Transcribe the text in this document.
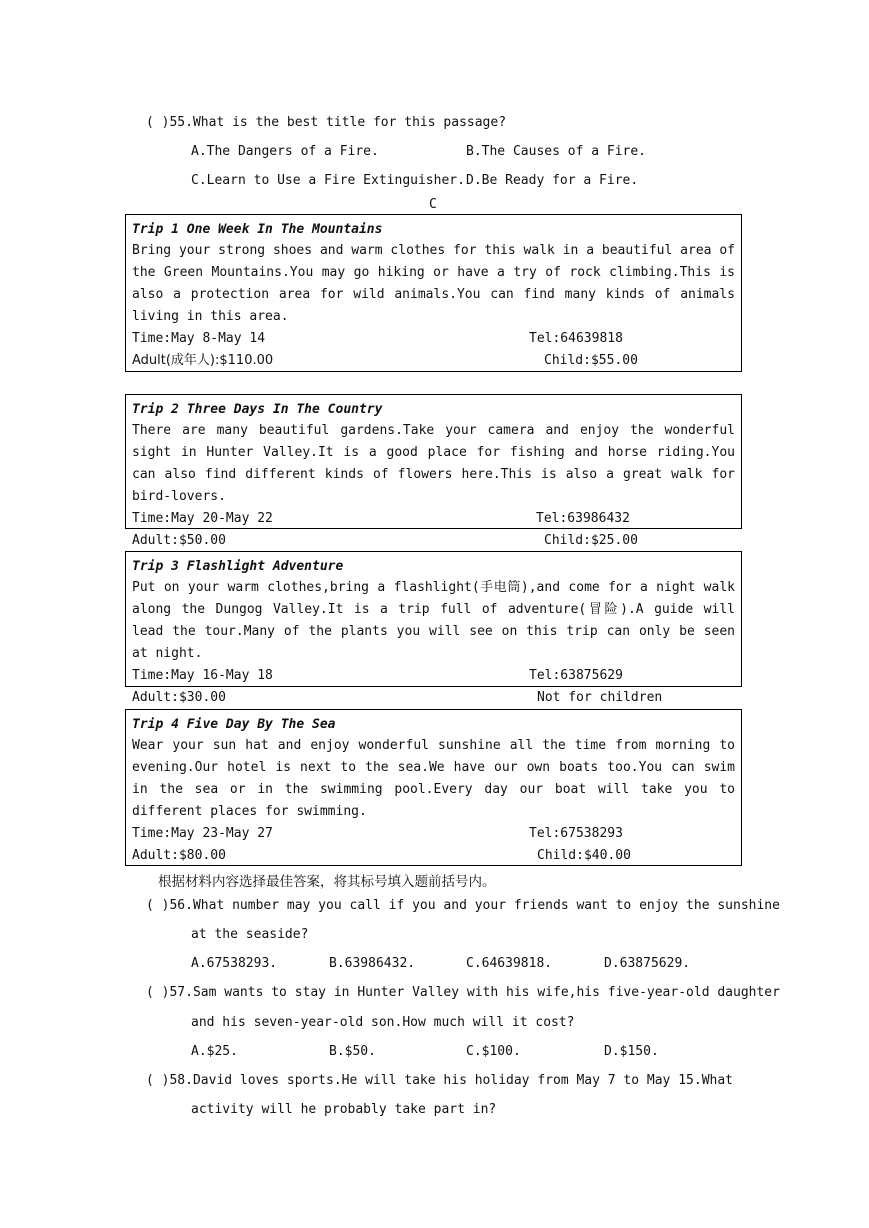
( )55.What is the best title for this passage?
A.The Dangers of a Fire.	B.The Causes of a Fire.
C.Learn to Use a Fire Extinguisher. D.Be Ready for a Fire.
C
Trip 1 One Week In The Mountains
Bring your strong shoes and warm clothes for this walk in a beautiful area of the Green Mountains.You may go hiking or have a try of rock climbing.This is also a protection area for wild animals.You can find many kinds of animals living in this area.
Time:May 8-May 14	Tel:64639818
Adult(成年人):$110.00	Child:$55.00
Trip 2 Three Days In The Country
There are many beautiful gardens.Take your camera and enjoy the wonderful sight in Hunter Valley.It is a good place for fishing and horse riding.You can also find different kinds of flowers here.This is also a great walk for bird-lovers.
Time:May 20-May 22	Tel:63986432
Adult:$50.00	Child:$25.00
Trip 3 Flashlight Adventure
Put on your warm clothes,bring a flashlight(手电筒),and come for a night walk along the Dungog Valley.It is a trip full of adventure(冒险).A guide will lead the tour.Many of the plants you will see on this trip can only be seen at night.
Time:May 16-May 18	Tel:63875629
Adult:$30.00	Not for children
Trip 4 Five Day By The Sea
Wear your sun hat and enjoy wonderful sunshine all the time from morning to evening.Our hotel is next to the sea.We have our own boats too.You can swim in the sea or in the swimming pool.Every day our boat will take you to different places for swimming.
Time:May 23-May 27	Tel:67538293
Adult:$80.00	Child:$40.00
根据材料内容选择最佳答案，将其标号填入题前括号内。
( )56.What number may you call if you and your friends want to enjoy the sunshine
at the seaside?
A.67538293.	B.63986432.	C.64639818.	D.63875629.
( )57.Sam wants to stay in Hunter Valley with his wife,his five-year-old daughter
and his seven-year-old son.How much will it cost?
A.$25.	B.$50.	C.$100.	D.$150.
( )58.David loves sports.He will take his holiday from May 7 to May 15.What
activity will he probably take part in?
